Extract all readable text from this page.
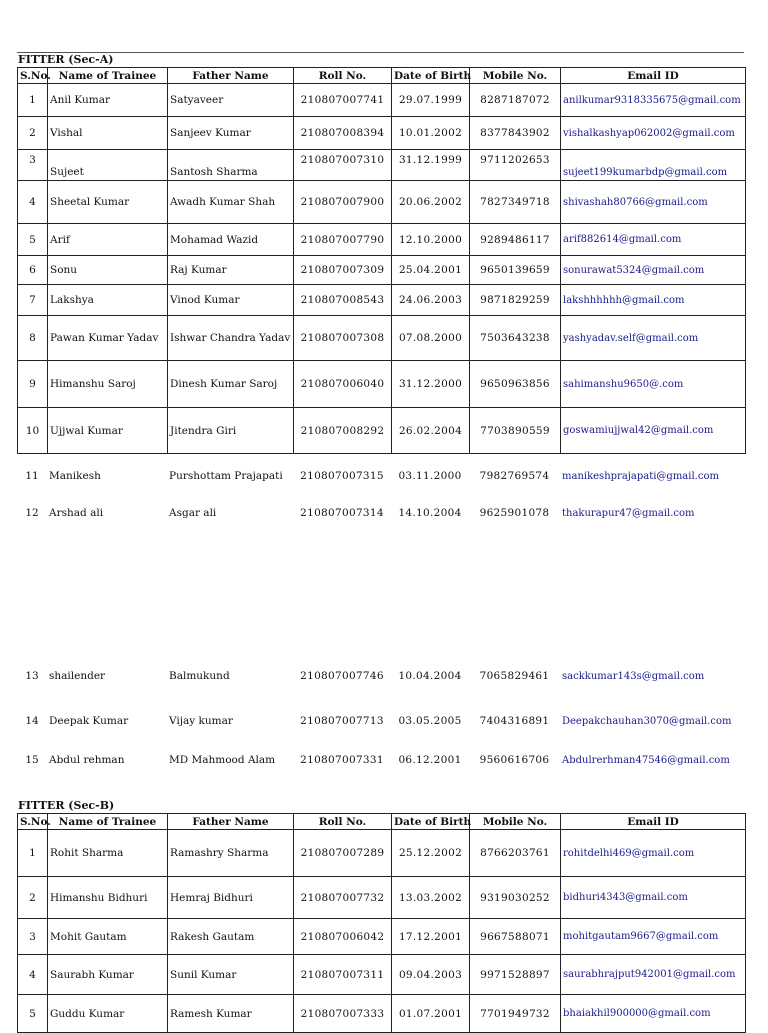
FITTER (Sec-A)
S.No.	Name of Trainee	Father Name	Roll No.	Date of Birth	Mobile No.	Email ID
1	Anil Kumar	Satyaveer	210807007741	29.07.1999	8287187072	anilkumar9318335675@gmail.com
2	Vishal	Sanjeev Kumar	210807008394	10.01.2002	8377843902	vishalkashyap062002@gmail.com
3	Sujeet	Santosh Sharma	210807007310	31.12.1999	9711202653	sujeet199kumarbdp@gmail.com
4	Sheetal Kumar	Awadh Kumar Shah	210807007900	20.06.2002	7827349718	shivashah80766@gmail.com
5	Arif	Mohamad Wazid	210807007790	12.10.2000	9289486117	arif882614@gmail.com
6	Sonu	Raj Kumar	210807007309	25.04.2001	9650139659	sonurawat5324@gmail.com
7	Lakshya	Vinod Kumar	210807008543	24.06.2003	9871829259	lakshhhhhh@gmail.com
8	Pawan Kumar Yadav	Ishwar Chandra Yadav	210807007308	07.08.2000	7503643238	yashyadav.self@gmail.com
9	Himanshu Saroj	Dinesh Kumar Saroj	210807006040	31.12.2000	9650963856	sahimanshu9650@.com
10	Ujjwal Kumar	Jitendra Giri	210807008292	26.02.2004	7703890559	goswamiujjwal42@gmail.com
11	Manikesh	Purshottam Prajapati	210807007315	03.11.2000	7982769574	manikeshprajapati@gmail.com
12	Arshad ali	Asgar ali	210807007314	14.10.2004	9625901078	thakurapur47@gmail.com
13	shailender	Balmukund	210807007746	10.04.2004	7065829461	sackkumar143s@gmail.com
14	Deepak Kumar	Vijay kumar	210807007713	03.05.2005	7404316891	Deepakchauhan3070@gmail.com
15	Abdul rehman	MD Mahmood Alam	210807007331	06.12.2001	9560616706	Abdulrerhman47546@gmail.com
FITTER (Sec-B)
S.No.	Name of Trainee	Father Name	Roll No.	Date of Birth	Mobile No.	Email ID
1	Rohit Sharma	Ramashry Sharma	210807007289	25.12.2002	8766203761	rohitdelhi469@gmail.com
2	Himanshu Bidhuri	Hemraj Bidhuri	210807007732	13.03.2002	9319030252	bidhuri4343@gmail.com
3	Mohit Gautam	Rakesh Gautam	210807006042	17.12.2001	9667588071	mohitgautam9667@gmail.com
4	Saurabh Kumar	Sunil Kumar	210807007311	09.04.2003	9971528897	saurabhrajput942001@gmail.com
5	Guddu Kumar	Ramesh Kumar	210807007333	01.07.2001	7701949732	bhaiakhil900000@gmail.com
